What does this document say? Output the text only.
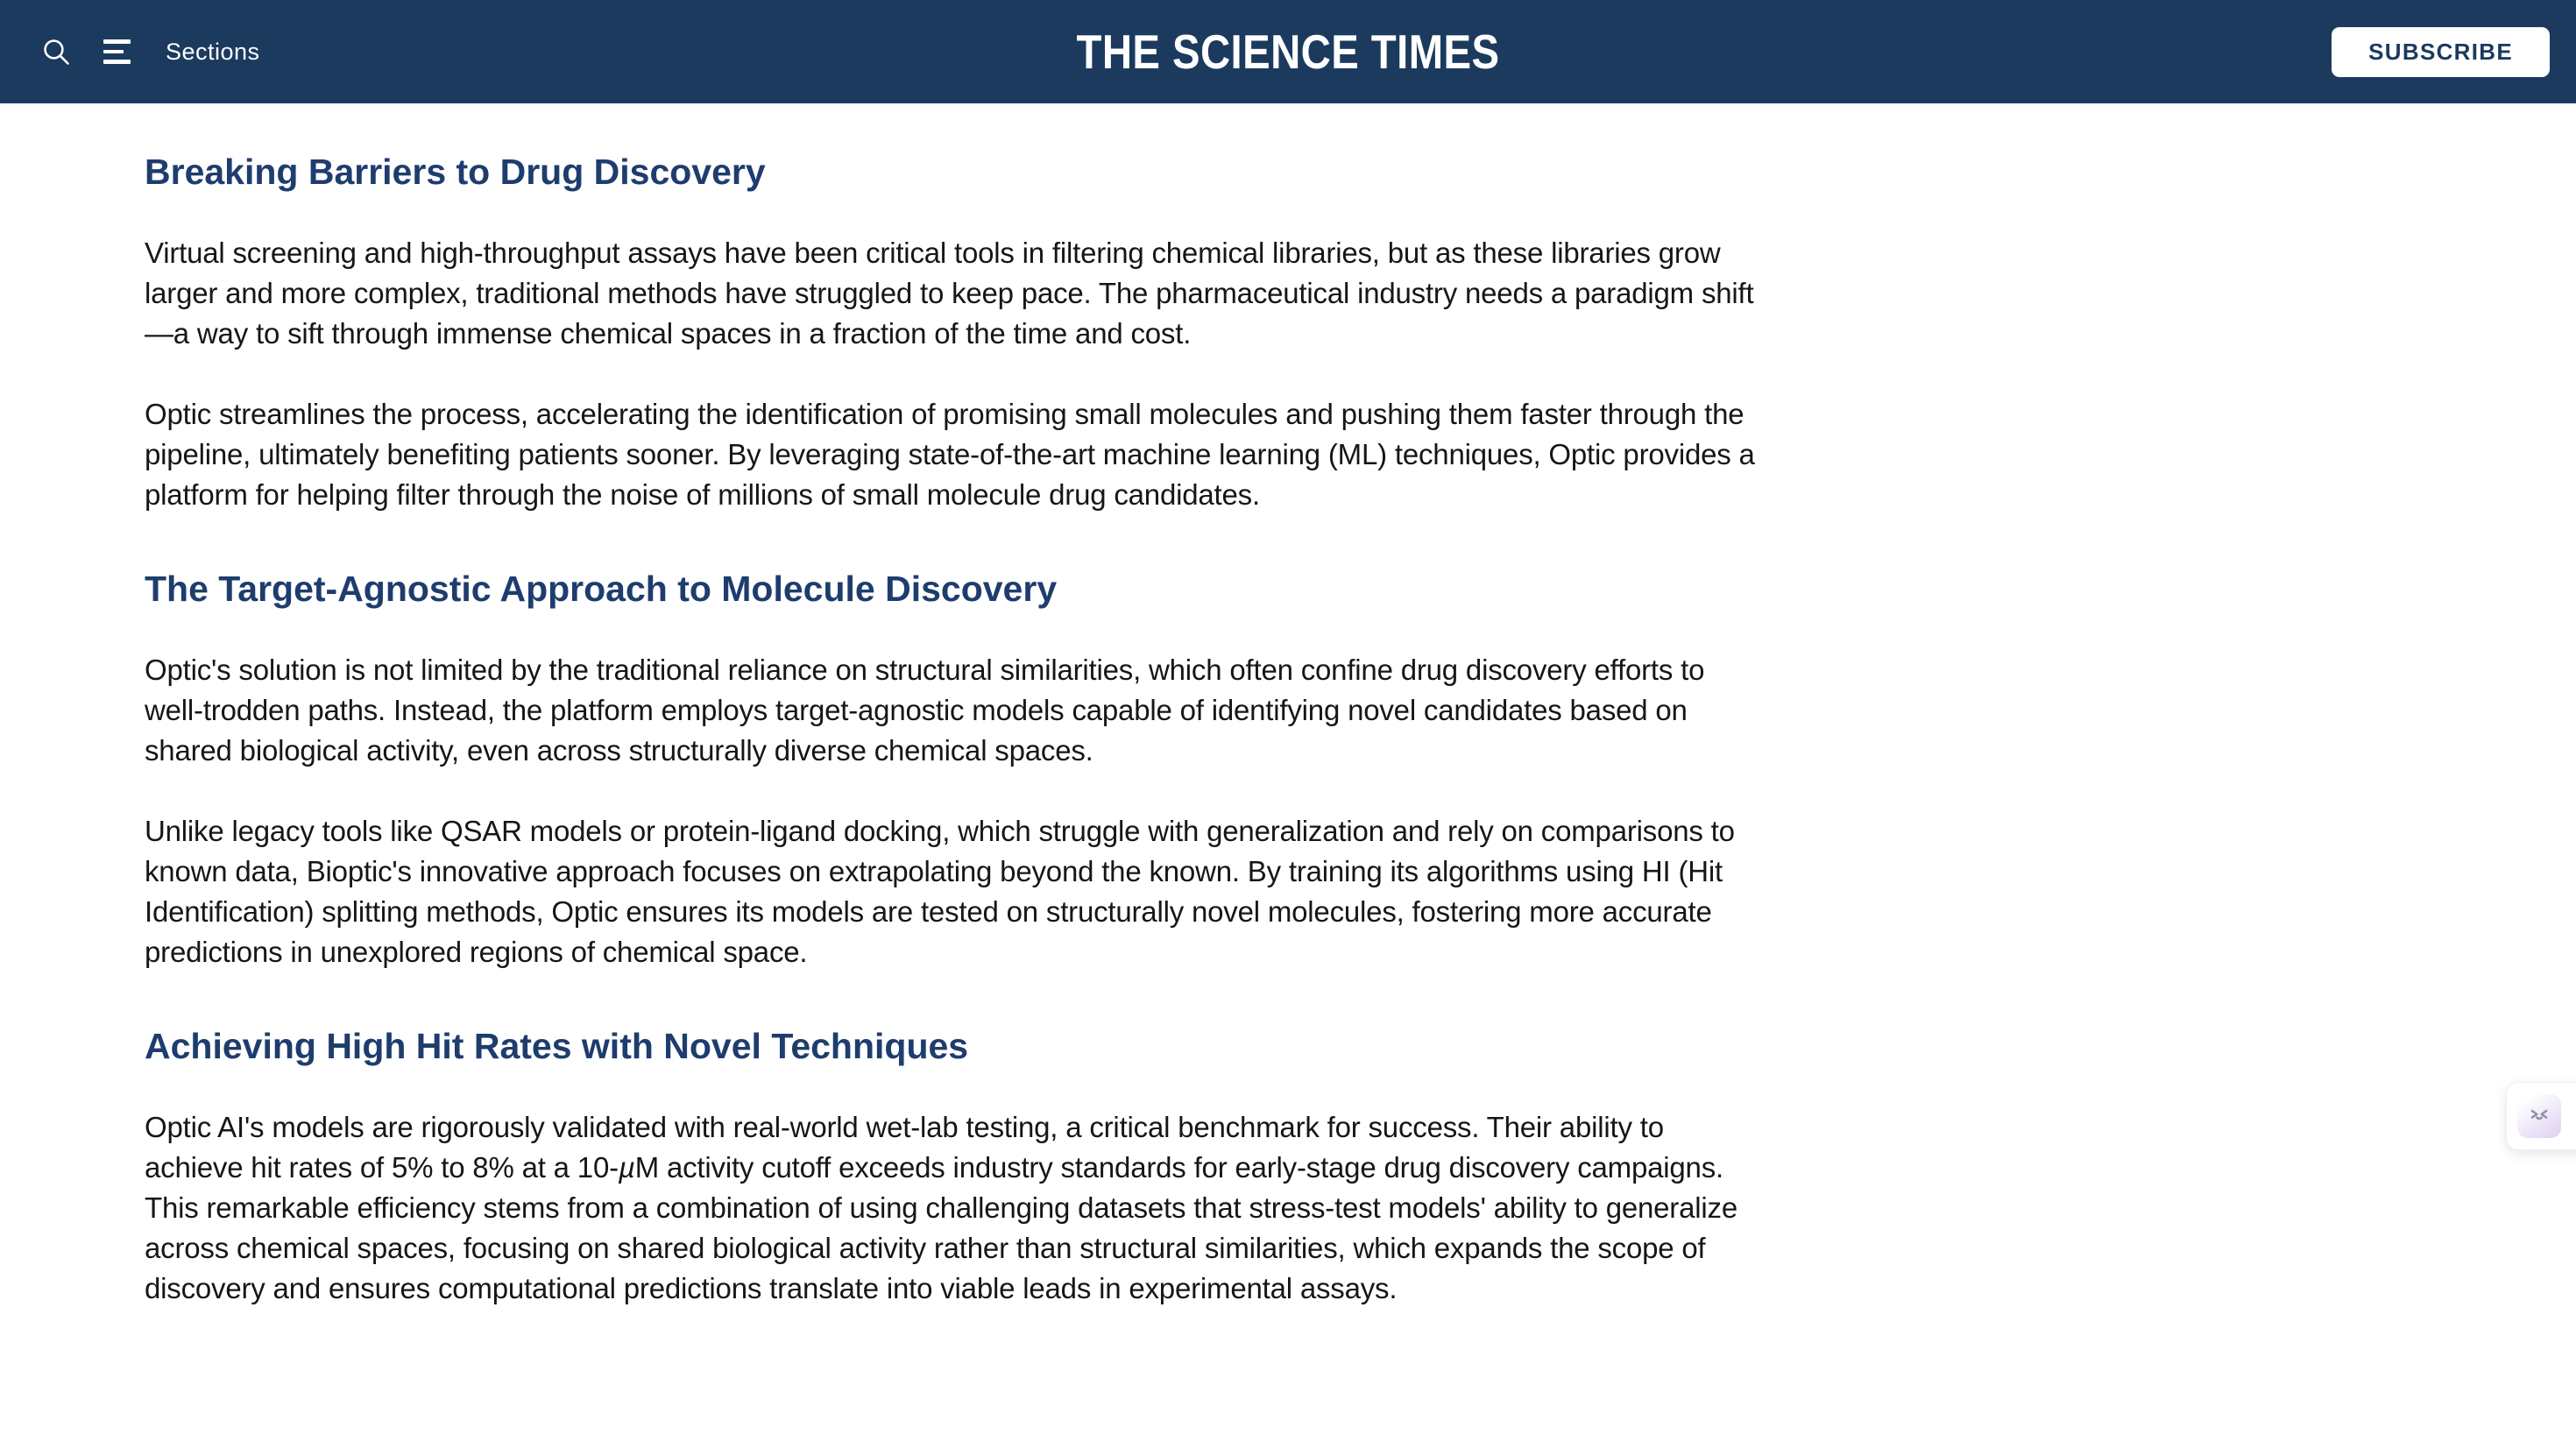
Sections	THE SCIENCE TIMES	SUBSCRIBE
Breaking Barriers to Drug Discovery

Virtual screening and high-throughput assays have been critical tools in filtering chemical libraries, but as these libraries grow larger and more complex, traditional methods have struggled to keep pace. The pharmaceutical industry needs a paradigm shift—a way to sift through immense chemical spaces in a fraction of the time and cost.

Optic streamlines the process, accelerating the identification of promising small molecules and pushing them faster through the pipeline, ultimately benefiting patients sooner. By leveraging state-of-the-art machine learning (ML) techniques, Optic provides a platform for helping filter through the noise of millions of small molecule drug candidates.

The Target-Agnostic Approach to Molecule Discovery

Optic's solution is not limited by the traditional reliance on structural similarities, which often confine drug discovery efforts to well-trodden paths. Instead, the platform employs target-agnostic models capable of identifying novel candidates based on shared biological activity, even across structurally diverse chemical spaces.

Unlike legacy tools like QSAR models or protein-ligand docking, which struggle with generalization and rely on comparisons to known data, Bioptic's innovative approach focuses on extrapolating beyond the known. By training its algorithms using HI (Hit Identification) splitting methods, Optic ensures its models are tested on structurally novel molecules, fostering more accurate predictions in unexplored regions of chemical space.

Achieving High Hit Rates with Novel Techniques

Optic AI's models are rigorously validated with real-world wet-lab testing, a critical benchmark for success. Their ability to achieve hit rates of 5% to 8% at a 10-µM activity cutoff exceeds industry standards for early-stage drug discovery campaigns. This remarkable efficiency stems from a combination of using challenging datasets that stress-test models' ability to generalize across chemical spaces, focusing on shared biological activity rather than structural similarities, which expands the scope of discovery and ensures computational predictions translate into viable leads in experimental assays.
